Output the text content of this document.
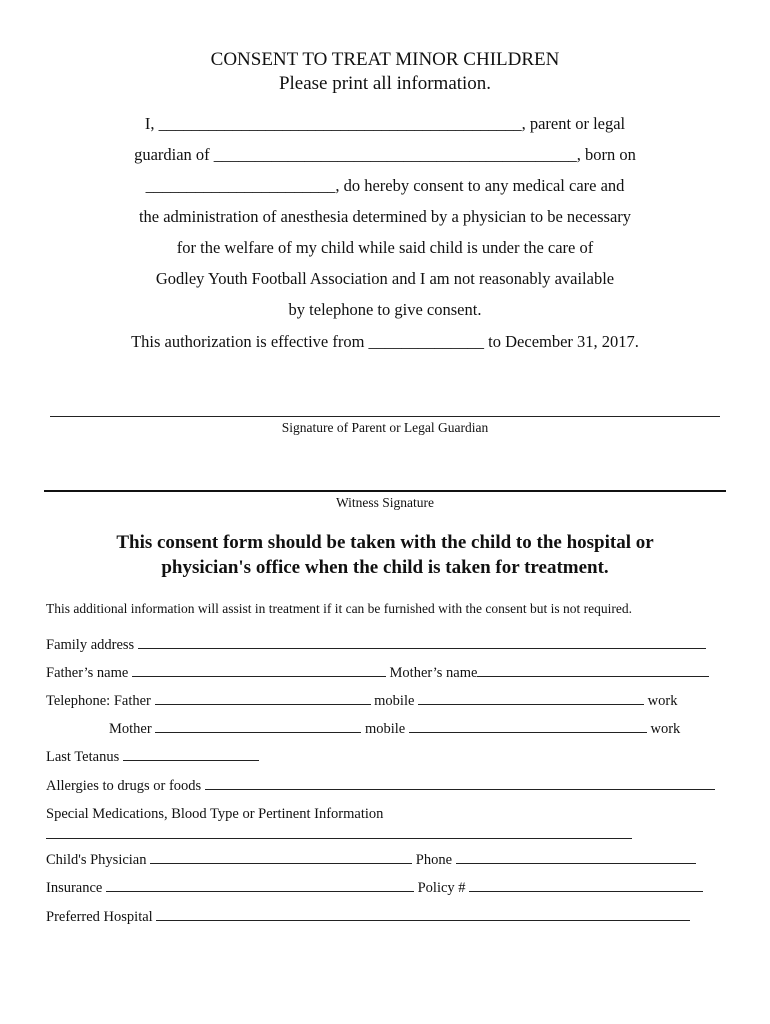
CONSENT TO TREAT MINOR CHILDREN
Please print all information.
I, ____________________________________________, parent or legal
guardian of ____________________________________________, born on
_______________________, do hereby consent to any medical care and
the administration of anesthesia determined by a physician to be necessary
for the welfare of my child while said child is under the care of
Godley Youth Football Association and I am not reasonably available
by telephone to give consent.
This authorization is effective from ______________ to December 31, 2017.
Signature of Parent or Legal Guardian
Witness Signature
This consent form should be taken with the child to the hospital or
physician's office when the child is taken for treatment.
This additional information will assist in treatment if it can be furnished with the consent but is not required.
Family address
Father’s name	Mother’s name
Telephone: Father	mobile	work
Mother	mobile	work
Last Tetanus
Allergies to drugs or foods
Special Medications, Blood Type or Pertinent Information
Child's Physician	Phone
Insurance	Policy #
Preferred Hospital
